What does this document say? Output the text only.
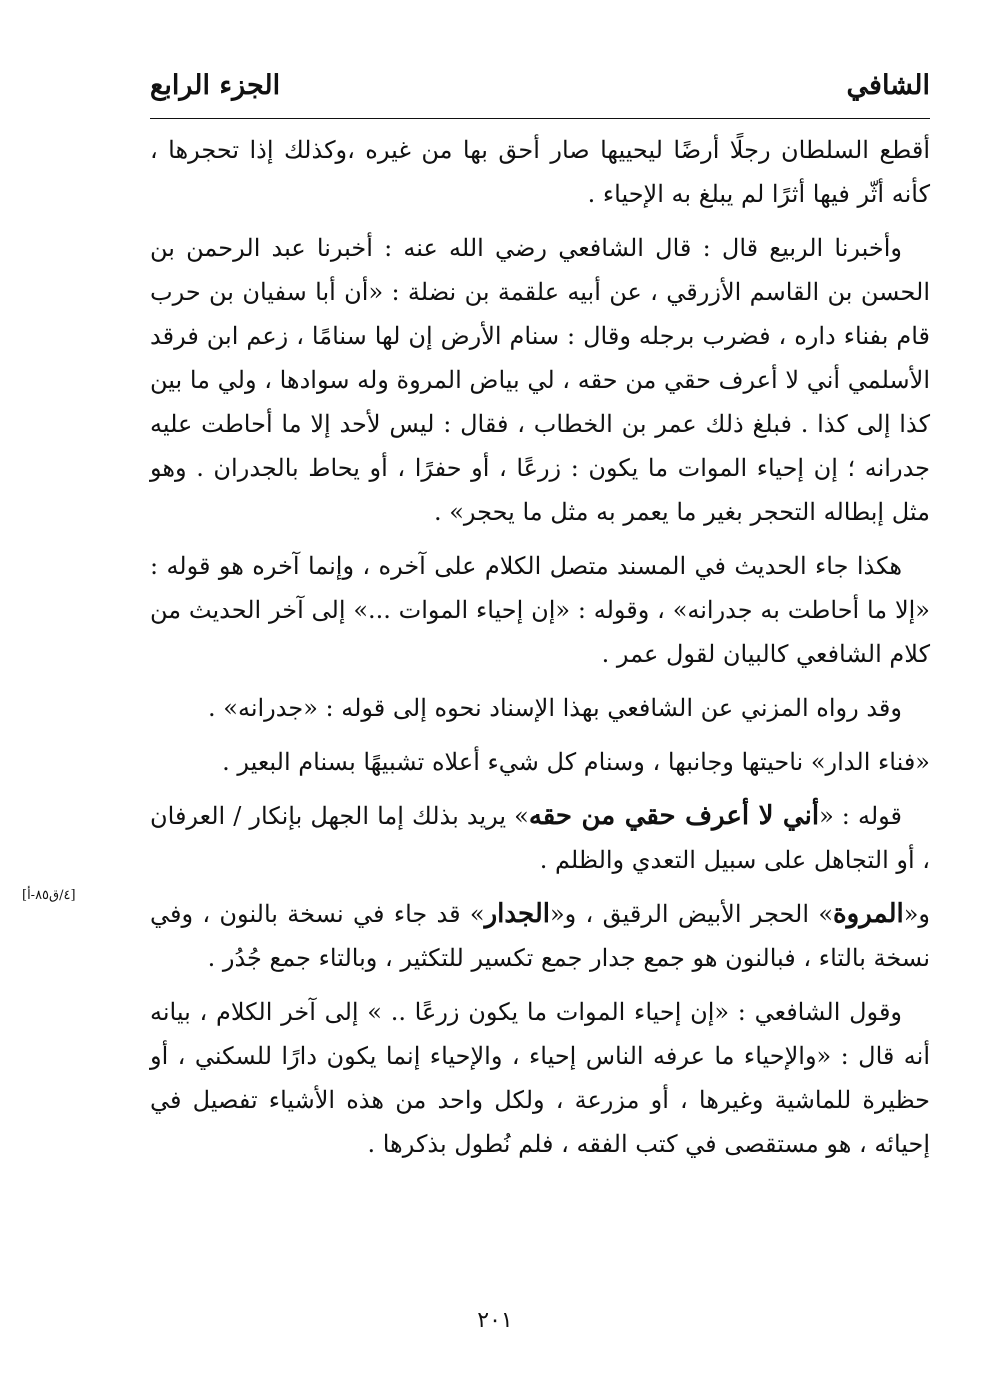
الشافي
الجزء الرابع

أقطع السلطان رجلًا أرضًا ليحييها صار أحق بها من غيره ،وكذلك إذا تحجرها ، كأنه أثّر فيها أثرًا لم يبلغ به الإحياء .

وأخبرنا الربيع قال : قال الشافعي رضي الله عنه : أخبرنا عبد الرحمن بن الحسن بن القاسم الأزرقي ، عن أبيه علقمة بن نضلة : «أن أبا سفيان بن حرب قام بفناء داره ، فضرب برجله وقال : سنام الأرض إن لها سنامًا ، زعم ابن فرقد الأسلمي أني لا أعرف حقي من حقه ، لي بياض المروة وله سوادها ، ولي ما بين كذا إلى كذا . فبلغ ذلك عمر بن الخطاب ، فقال : ليس لأحد إلا ما أحاطت عليه جدرانه ؛ إن إحياء الموات ما يكون : زرعًا ، أو حفرًا ، أو يحاط بالجدران . وهو مثل إبطاله التحجر بغير ما يعمر به مثل ما يحجر» .

هكذا جاء الحديث في المسند متصل الكلام على آخره ، وإنما آخره هو قوله : «إلا ما أحاطت به جدرانه» ، وقوله : «إن إحياء الموات ...» إلى آخر الحديث من كلام الشافعي كالبيان لقول عمر .

وقد رواه المزني عن الشافعي بهذا الإسناد نحوه إلى قوله : «جدرانه» .

«فناء الدار» ناحيتها وجانبها ، وسنام كل شيء أعلاه تشبيهًا بسنام البعير .

قوله : «أني لا أعرف حقي من حقه» يريد بذلك إما الجهل بإنكار / العرفان ، أو التجاهل على سبيل التعدي والظلم .

و«المروة» الحجر الأبيض الرقيق ، و«الجدار» قد جاء في نسخة بالنون ، وفي نسخة بالتاء ، فبالنون هو جمع جدار جمع تكسير للتكثير ، وبالتاء جمع جُدُر .

وقول الشافعي : «إن إحياء الموات ما يكون زرعًا .. » إلى آخر الكلام ، بيانه أنه قال : «والإحياء ما عرفه الناس إحياء ، والإحياء إنما يكون دارًا للسكني ، أو حظيرة للماشية وغيرها ، أو مزرعة ، ولكل واحد من هذه الأشياء تفصيل في إحيائه ، هو مستقصى في كتب الفقه ، فلم نُطول بذكرها .

[٤/ق٨٥-أ]
٢٠١
